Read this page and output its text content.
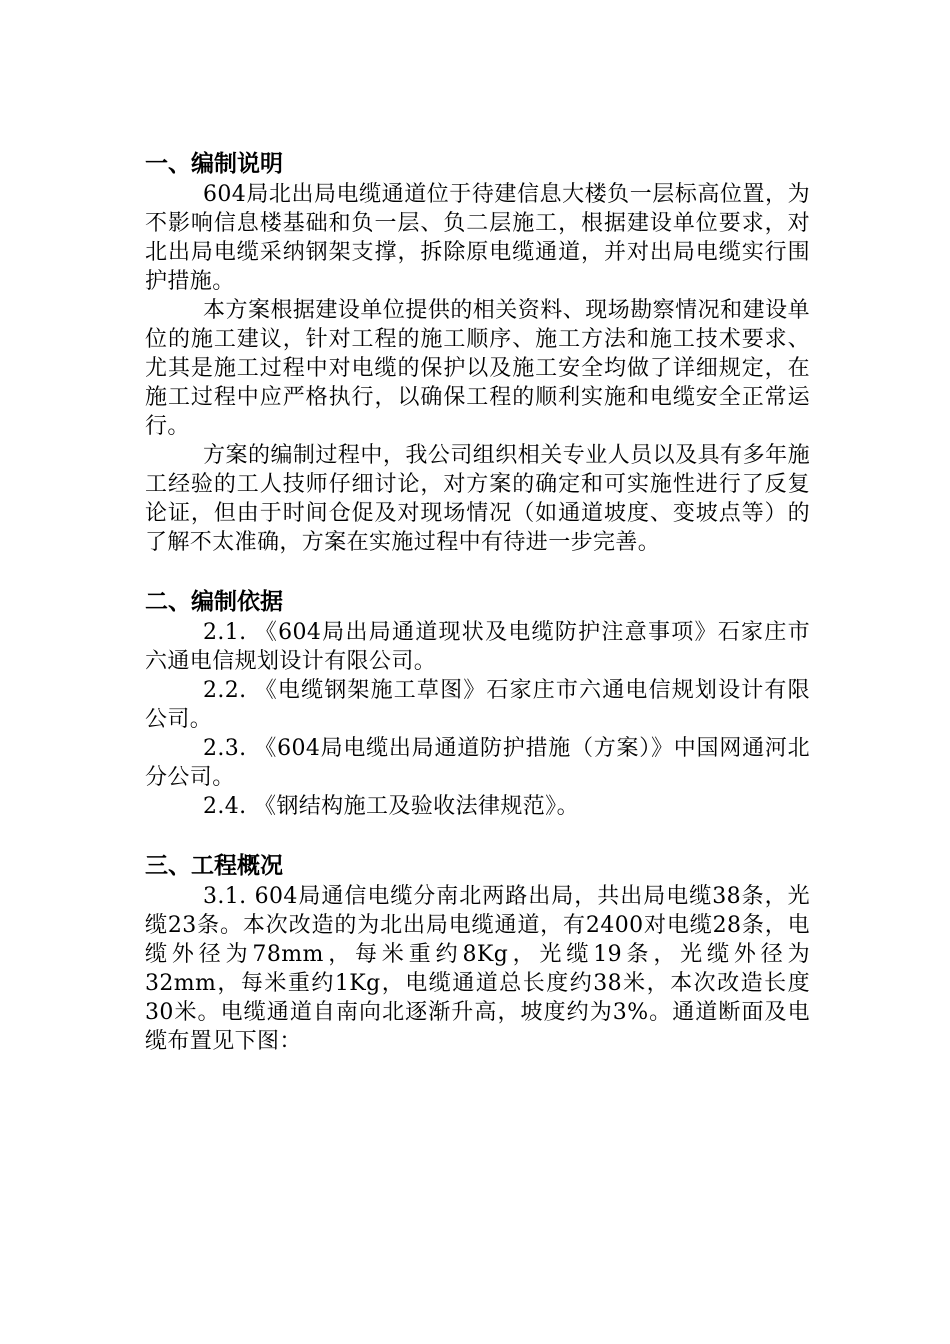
一、编制说明

604局北出局电缆通道位于待建信息大楼负一层标高位置，为不影响信息楼基础和负一层、负二层施工，根据建设单位要求，对北出局电缆采纳钢架支撑，拆除原电缆通道，并对出局电缆实行围护措施。

本方案根据建设单位提供的相关资料、现场勘察情况和建设单位的施工建议，针对工程的施工顺序、施工方法和施工技术要求、尤其是施工过程中对电缆的保护以及施工安全均做了详细规定，在施工过程中应严格执行，以确保工程的顺利实施和电缆安全正常运行。

方案的编制过程中，我公司组织相关专业人员以及具有多年施工经验的工人技师仔细讨论，对方案的确定和可实施性进行了反复论证，但由于时间仓促及对现场情况（如通道坡度、变坡点等）的了解不太准确，方案在实施过程中有待进一步完善。

二、编制依据

2.1. 《604局出局通道现状及电缆防护注意事项》石家庄市六通电信规划设计有限公司。

2.2. 《电缆钢架施工草图》石家庄市六通电信规划设计有限公司。

2.3. 《604局电缆出局通道防护措施（方案）》中国网通河北分公司。

2.4. 《钢结构施工及验收法律规范》。

三、工程概况

3.1. 604局通信电缆分南北两路出局，共出局电缆38条，光缆23条。本次改造的为北出局电缆通道，有2400对电缆28条，电缆外径为78mm，每米重约8Kg，光缆19条，光缆外径为32mm，每米重约1Kg，电缆通道总长度约38米，本次改造长度30米。电缆通道自南向北逐渐升高，坡度约为3%。通道断面及电缆布置见下图：
